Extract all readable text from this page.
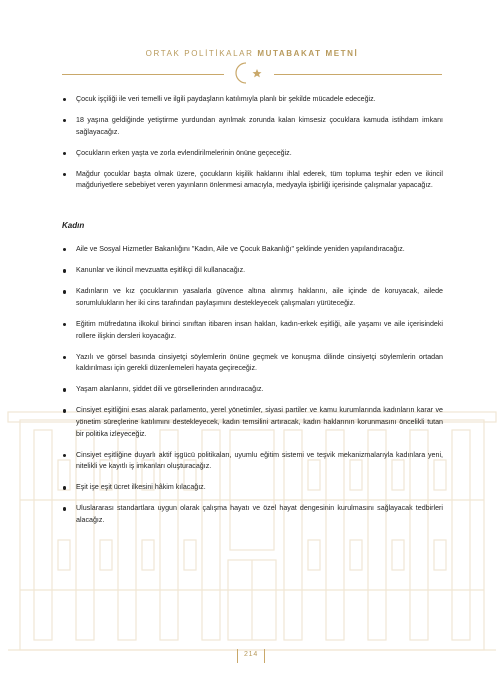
ORTAK POLİTİKALAR MUTABAKAT METNİ
Çocuk işçiliği ile veri temelli ve ilgili paydaşların katılımıyla planlı bir şekilde mücadele edeceğiz.
18 yaşına geldiğinde yetiştirme yurdundan ayrılmak zorunda kalan kimsesiz çocuklara kamuda istihdam imkanı sağlayacağız.
Çocukların erken yaşta ve zorla evlendirilmelerinin önüne geçeceğiz.
Mağdur çocuklar başta olmak üzere, çocukların kişilik haklarını ihlal ederek, tüm topluma teşhir eden ve ikincil mağduriyetlere sebebiyet veren yayınların önlenmesi amacıyla, medyayla işbirliği içerisinde çalışmalar yapacağız.
Kadın
Aile ve Sosyal Hizmetler Bakanlığını "Kadın, Aile ve Çocuk Bakanlığı" şeklinde yeniden yapılandıracağız.
Kanunlar ve ikincil mevzuatta eşitlikçi dil kullanacağız.
Kadınların ve kız çocuklarının yasalarla güvence altına alınmış haklarını, aile içinde de koruyacak, ailede sorumlulukların her iki cins tarafından paylaşımını destekleyecek çalışmaları yürüteceğiz.
Eğitim müfredatına ilkokul birinci sınıftan itibaren insan hakları, kadın-erkek eşitliği, aile yaşamı ve aile içerisindeki rollere ilişkin dersleri koyacağız.
Yazılı ve görsel basında cinsiyetçi söylemlerin önüne geçmek ve konuşma dilinde cinsiyetçi söylemlerin ortadan kaldırılması için gerekli düzenlemeleri hayata geçireceğiz.
Yaşam alanlarını, şiddet dili ve görsellerinden arındıracağız.
Cinsiyet eşitliğini esas alarak parlamento, yerel yönetimler, siyasi partiler ve kamu kurumlarında kadınların karar ve yönetim süreçlerine katılımını destekleyecek, kadın temsilini artıracak, kadın haklarının korunmasını öncelikli tutan bir politika izleyeceğiz.
Cinsiyet eşitliğine duyarlı aktif işgücü politikaları, uyumlu eğitim sistemi ve teşvik mekanizmalarıyla kadınlara yeni, nitelikli ve kayıtlı iş imkanları oluşturacağız.
Eşit işe eşit ücret ilkesini hâkim kılacağız.
Uluslararası standartlara uygun olarak çalışma hayatı ve özel hayat dengesinin kurulmasını sağlayacak tedbirleri alacağız.
214
